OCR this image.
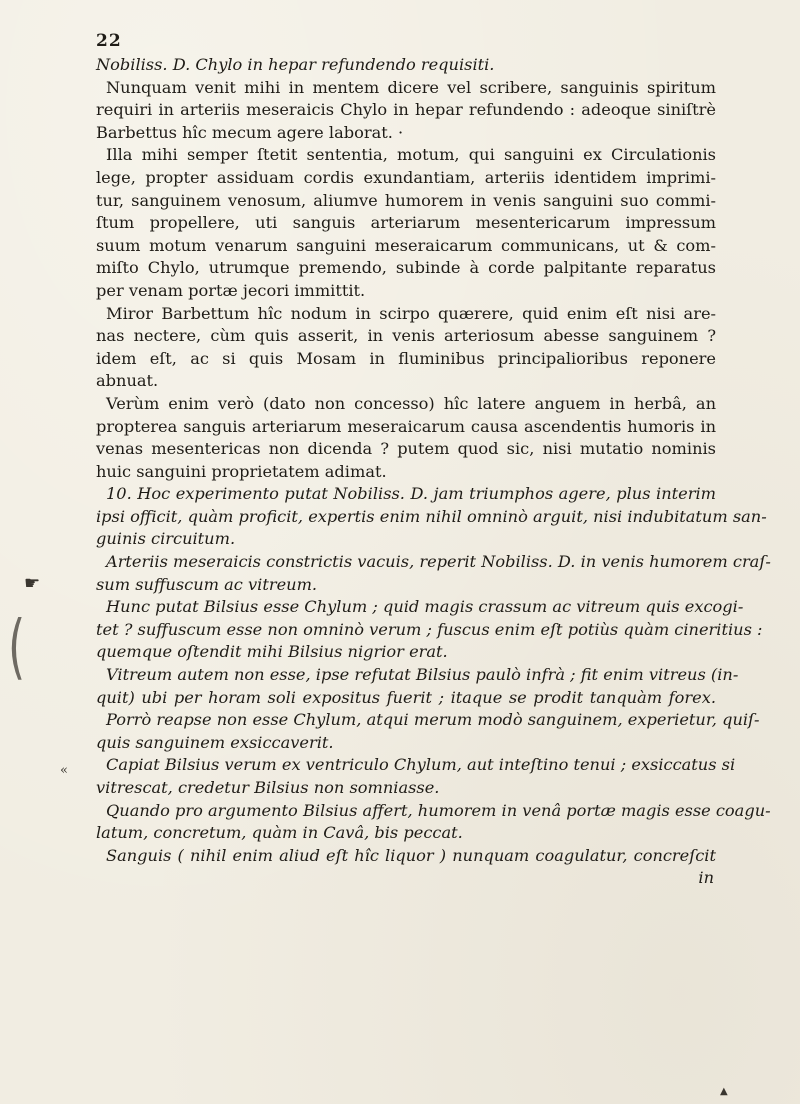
22
Nobiliss. D. Chylo in hepar refundendo requisiti.
Nunquam venit mihi in mentem dicere vel scribere, sanguinis spiritum
requiri in arteriis meseraicis Chylo in hepar refundendo : adeoque siniſtrè
Barbettus hîc mecum agere laborat. ·
Illa mihi semper ſtetit sententia, motum, qui sanguini ex Circulationis
lege, propter assiduam cordis exundantiam, arteriis identidem imprimi-
tur, sanguinem venosum, aliumve humorem in venis sanguini suo commi-
ſtum propellere, uti sanguis arteriarum mesentericarum impressum
suum motum venarum sanguini meseraicarum communicans, ut & com-
miſto Chylo, utrumque premendo, subinde à corde palpitante reparatus
per venam portæ jecori immittit.
Miror Barbettum hîc nodum in scirpo quærere, quid enim eſt nisi are-
nas nectere, cùm quis asserit, in venis arteriosum abesse sanguinem ?
idem eſt, ac si quis Mosam in fluminibus principalioribus reponere
abnuat.
Verùm enim verò (dato non concesso) hîc latere anguem in herbâ, an
propterea sanguis arteriarum meseraicarum causa ascendentis humoris in
venas mesentericas non dicenda ? putem quod sic, nisi mutatio nominis
huic sanguini proprietatem adimat.
10. Hoc experimento putat Nobiliss. D. jam triumphos agere, plus interim
ipsi officit, quàm proficit, expertis enim nihil omninò arguit, nisi indubitatum san-
guinis circuitum.
Arteriis meseraicis constrictis vacuis, reperit Nobiliss. D. in venis humorem craſ-
sum suffuscum ac vitreum.
Hunc putat Bilsius esse Chylum ; quid magis crassum ac vitreum quis excogi-
tet ? suffuscum esse non omninò verum ; fuscus enim eſt potiùs quàm cineritius :
quemque oſtendit mihi Bilsius nigrior erat.
Vitreum autem non esse, ipse refutat Bilsius paulò infrà ; fit enim vitreus (in-
quit) ubi per horam soli expositus fuerit ; itaque se prodit tanquàm forex.
Porrò reapse non esse Chylum, atqui merum modò sanguinem, experietur, quiſ-
quis sanguinem exsiccaverit.
Capiat Bilsius verum ex ventriculo Chylum, aut inteſtino tenui ; exsiccatus si
vitrescat, credetur Bilsius non somniasse.
Quando pro argumento Bilsius affert, humorem in venâ portæ magis esse coagu-
latum, concretum, quàm in Cavâ, bis peccat.
Sanguis ( nihil enim aliud eſt hîc liquor ) nunquam coagulatur, concreſcit
in
☛
(
«
▲
